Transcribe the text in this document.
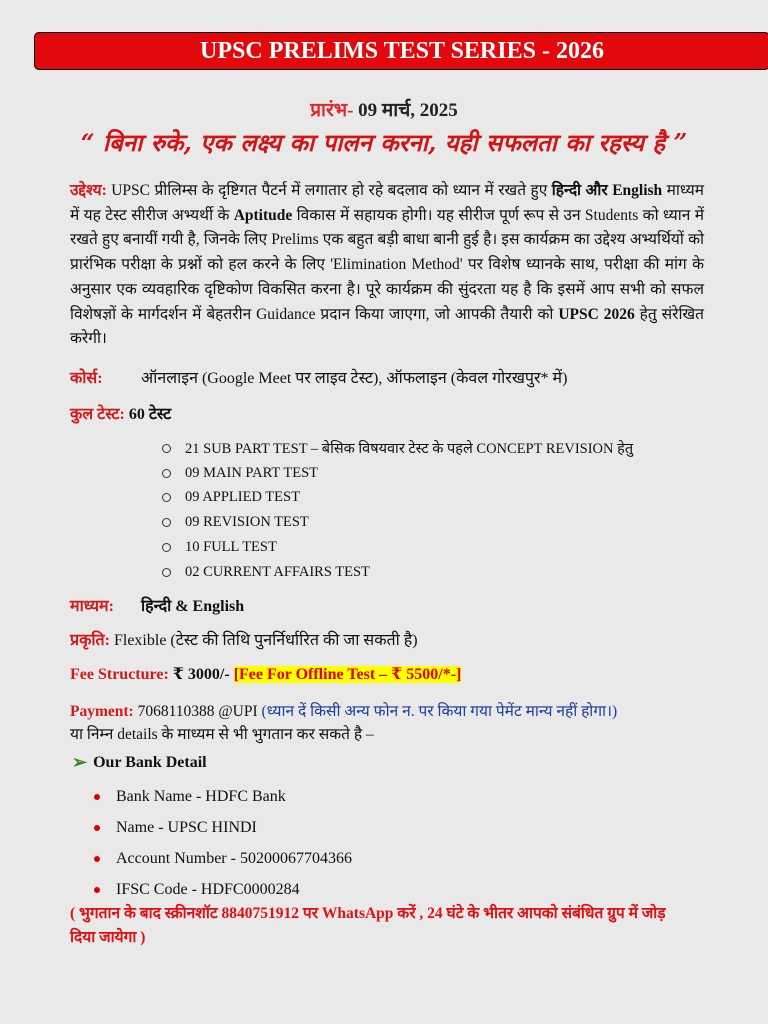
UPSC PRELIMS TEST SERIES - 2026
प्रारंभ- 09 मार्च, 2025
“ बिना रुके, एक लक्ष्य का पालन करना, यही सफलता का रहस्य है ”
उद्देश्य: UPSC प्रीलिम्स के दृष्टिगत पैटर्न में लगातार हो रहे बदलाव को ध्यान में रखते हुए हिन्दी और English माध्यम में यह टेस्ट सीरीज अभ्यर्थी के Aptitude विकास में सहायक होगी। यह सीरीज पूर्ण रूप से उन Students को ध्यान में रखते हुए बनायीं गयी है, जिनके लिए Prelims एक बहुत बड़ी बाधा बानी हुई है। इस कार्यक्रम का उद्देश्य अभ्यर्थियों को प्रारंभिक परीक्षा के प्रश्नों को हल करने के लिए 'Elimination Method' पर विशेष ध्यानके साथ, परीक्षा की मांग के अनुसार एक व्यवहारिक दृष्टिकोण विकसित करना है। पूरे कार्यक्रम की सुंदरता यह है कि इसमें आप सभी को सफल विशेषज्ञों के मार्गदर्शन में बेहतरीन Guidance प्रदान किया जाएगा, जो आपकी तैयारी को UPSC 2026 हेतु संरेखित करेगी।
कोर्स: ऑनलाइन (Google Meet पर लाइव टेस्ट), ऑफलाइन (केवल गोरखपुर* में)
कुल टेस्ट: 60 टेस्ट
21 SUB PART TEST – बेसिक विषयवार टेस्ट के पहले CONCEPT REVISION हेतु
09 MAIN PART TEST
09 APPLIED TEST
09 REVISION TEST
10 FULL TEST
02 CURRENT AFFAIRS TEST
माध्यम: हिन्दी & English
प्रकृति: Flexible (टेस्ट की तिथि पुनर्निर्धारित की जा सकती है)
Fee Structure: ₹ 3000/- [Fee For Offline Test – ₹ 5500/*-]
Payment: 7068110388 @UPI (ध्यान दें किसी अन्य फोन न. पर किया गया पेमेंट मान्य नहीं होगा।)
या निम्न details के माध्यम से भी भुगतान कर सकते है –
➢ Our Bank Detail
Bank Name - HDFC Bank
Name - UPSC HINDI
Account Number - 50200067704366
IFSC Code - HDFC0000284
( भुगतान के बाद स्क्रीनशॉट 8840751912 पर WhatsApp करें , 24 घंटे के भीतर आपको संबंधित ग्रुप में जोड़ दिया जायेगा )
